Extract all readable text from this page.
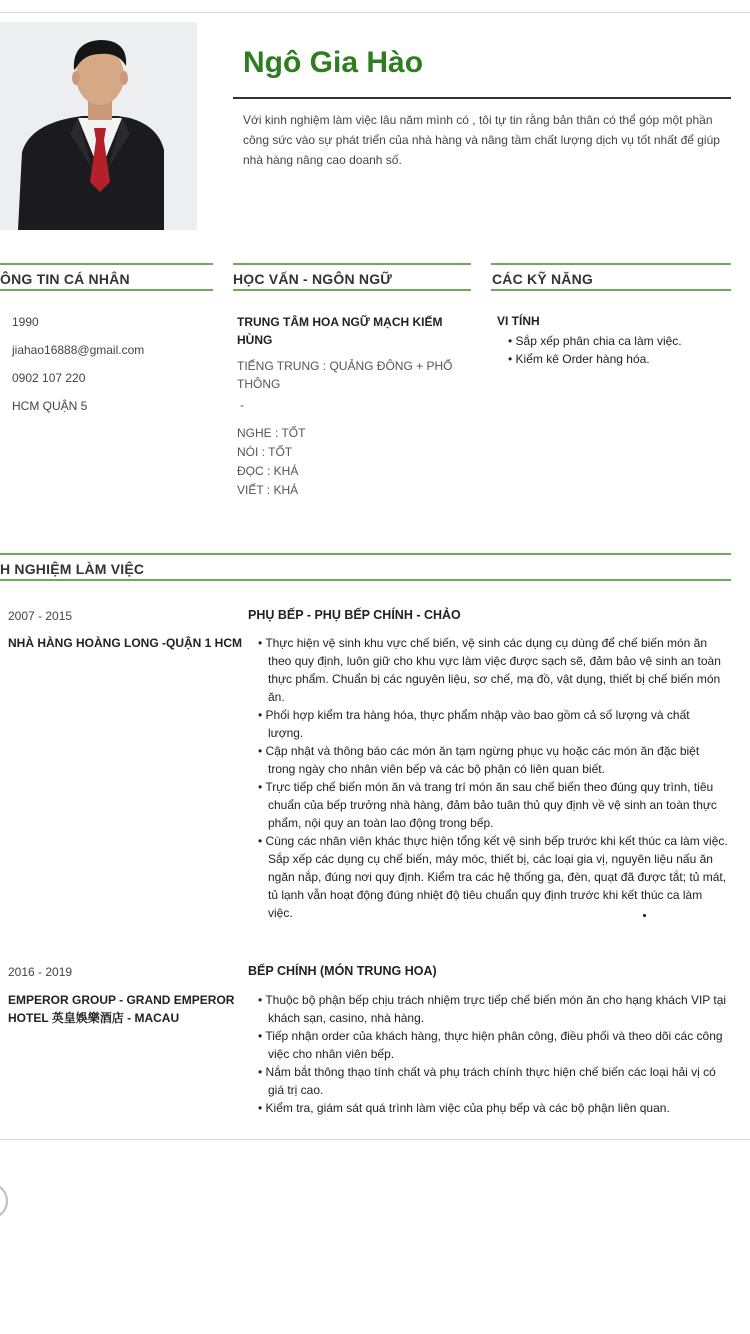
Ngô Gia Hào
Với kinh nghiệm làm việc lâu năm mình có , tôi tự tin rằng bản thân có thể góp một phần công sức vào sự phát triển của nhà hàng và nâng tầm chất lượng dịch vụ tốt nhất để giúp nhà hàng nâng cao doanh số.
ÔNG TIN CÁ NHÂN	HỌC VẤN - NGÔN NGỮ	CÁC KỸ NĂNG
1990
jiahao16888@gmail.com
0902 107 220
HCM QUẬN 5
TRUNG TÂM HOA NGỮ MẠCH KIẾM HÙNG
TIẾNG TRUNG : QUẢNG ĐÔNG + PHỔ THÔNG
-
NGHE : TỐT
NÓI : TỐT
ĐỌC : KHÁ
VIẾT : KHÁ
VI TÍNH
• Sắp xếp phân chia ca làm việc.
• Kiểm kê Order hàng hóa.
H NGHIỆM LÀM VIỆC
2007 - 2015	PHỤ BẾP - PHỤ BẾP CHÍNH - CHẢO
NHÀ HÀNG HOÀNG LONG -QUẬN 1 HCM
•	Thực hiện vệ sinh khu vực chế biến, vệ sinh các dụng cụ dùng để chế biến món ăn theo quy định, luôn giữ cho khu vực làm việc được sạch sẽ, đảm bảo vệ sinh an toàn thực phẩm. Chuẩn bị các nguyên liệu, sơ chế, mạ đồ, vật dụng, thiết bị chế biến món ăn.
• Phối hợp kiểm tra hàng hóa, thực phẩm nhập vào bao gồm cả số lượng và chất lượng.
• Cập nhật và thông báo các món ăn tạm ngừng phục vụ hoặc các món ăn đặc biệt trong ngày cho nhân viên bếp và các bộ phận có liên quan biết.
• Trực tiếp chế biến món ăn và trang trí món ăn sau chế biến theo đúng quy trình, tiêu chuẩn của bếp trưởng nhà hàng, đảm bảo tuân thủ quy định về vệ sinh an toàn thực phẩm, nội quy an toàn lao động trong bếp.
• Cùng các nhân viên khác thực hiện tổng kết vệ sinh bếp trước khi kết thúc ca làm việc. Sắp xếp các dụng cụ chế biến, máy móc, thiết bị, các loại gia vị, nguyên liệu nấu ăn ngăn nắp, đúng nơi quy định. Kiểm tra các hệ thống ga, đèn, quạt đã được tắt; tủ mát, tủ lạnh vẫn hoạt động đúng nhiệt độ tiêu chuẩn quy định trước khi kết thúc ca làm việc.
2016 - 2019	BẾP CHÍNH (MÓN TRUNG HOA)
EMPEROR GROUP - GRAND EMPEROR HOTEL 英皇娛樂酒店 - MACAU
• Thuộc bộ phận bếp chịu trách nhiệm trực tiếp chế biến món ăn cho hạng khách VIP tại khách sạn, casino, nhà hàng.
• Tiếp nhận order của khách hàng, thực hiện phân công, điều phối và theo dõi các công việc cho nhân viên bếp.
• Nắm bắt thông thạo tính chất và phụ trách chính thực hiện chế biến các loại hải vị có giá trị cao.
• Kiểm tra, giám sát quá trình làm việc của phụ bếp và các bộ phận liên quan.
